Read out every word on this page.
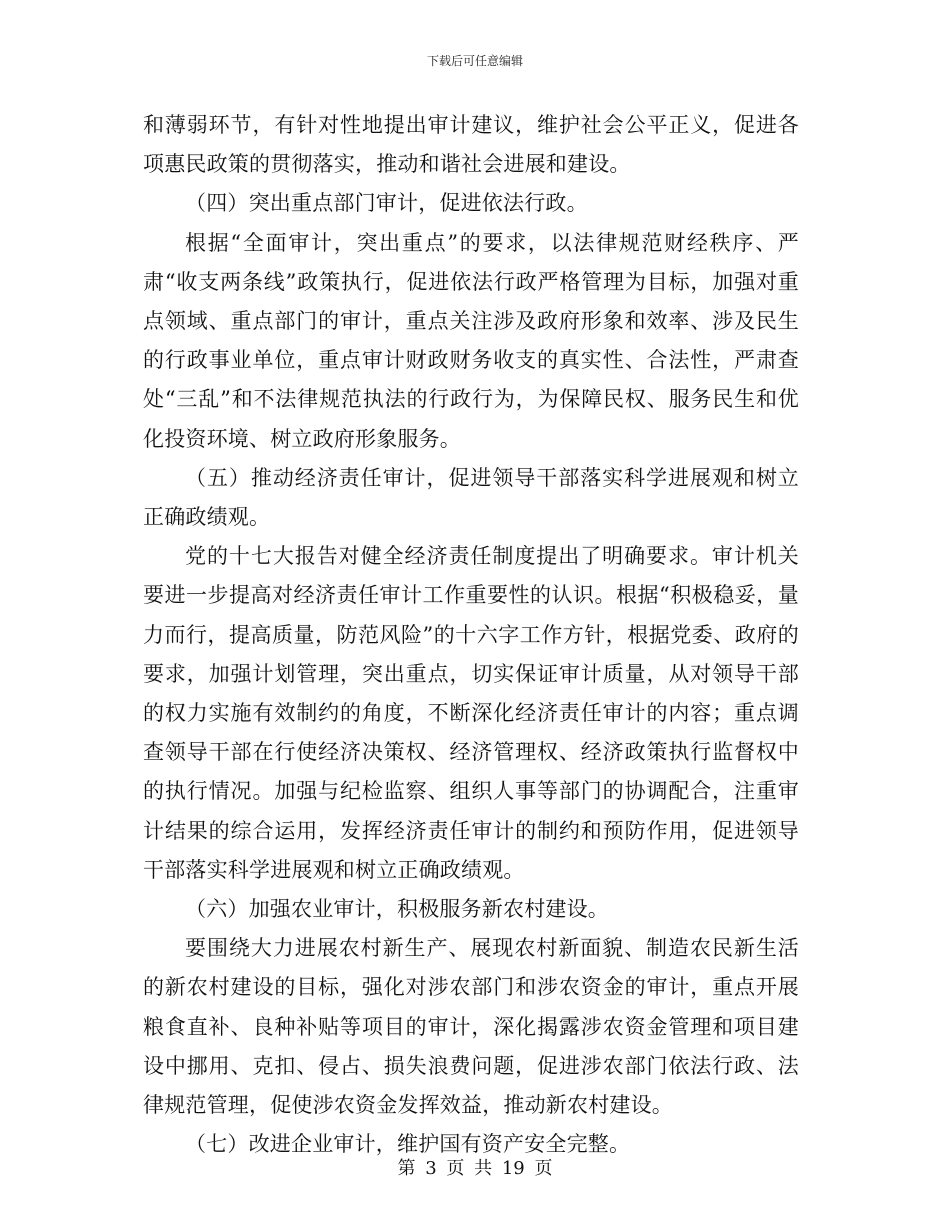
下载后可任意编辑

和薄弱环节，有针对性地提出审计建议，维护社会公平正义，促进各项惠民政策的贯彻落实，推动和谐社会进展和建设。

（四）突出重点部门审计，促进依法行政。

根据“全面审计，突出重点”的要求，以法律规范财经秩序、严肃“收支两条线”政策执行，促进依法行政严格管理为目标，加强对重点领域、重点部门的审计，重点关注涉及政府形象和效率、涉及民生的行政事业单位，重点审计财政财务收支的真实性、合法性，严肃查处“三乱”和不法律规范执法的行政行为，为保障民权、服务民生和优化投资环境、树立政府形象服务。

（五）推动经济责任审计，促进领导干部落实科学进展观和树立正确政绩观。

党的十七大报告对健全经济责任制度提出了明确要求。审计机关要进一步提高对经济责任审计工作重要性的认识。根据“积极稳妥，量力而行，提高质量，防范风险”的十六字工作方针，根据党委、政府的要求，加强计划管理，突出重点，切实保证审计质量，从对领导干部的权力实施有效制约的角度，不断深化经济责任审计的内容；重点调查领导干部在行使经济决策权、经济管理权、经济政策执行监督权中的执行情况。加强与纪检监察、组织人事等部门的协调配合，注重审计结果的综合运用，发挥经济责任审计的制约和预防作用，促进领导干部落实科学进展观和树立正确政绩观。

（六）加强农业审计，积极服务新农村建设。

要围绕大力进展农村新生产、展现农村新面貌、制造农民新生活的新农村建设的目标，强化对涉农部门和涉农资金的审计，重点开展粮食直补、良种补贴等项目的审计，深化揭露涉农资金管理和项目建设中挪用、克扣、侵占、损失浪费问题，促进涉农部门依法行政、法律规范管理，促使涉农资金发挥效益，推动新农村建设。

（七）改进企业审计，维护国有资产安全完整。

第 3 页 共 19 页
